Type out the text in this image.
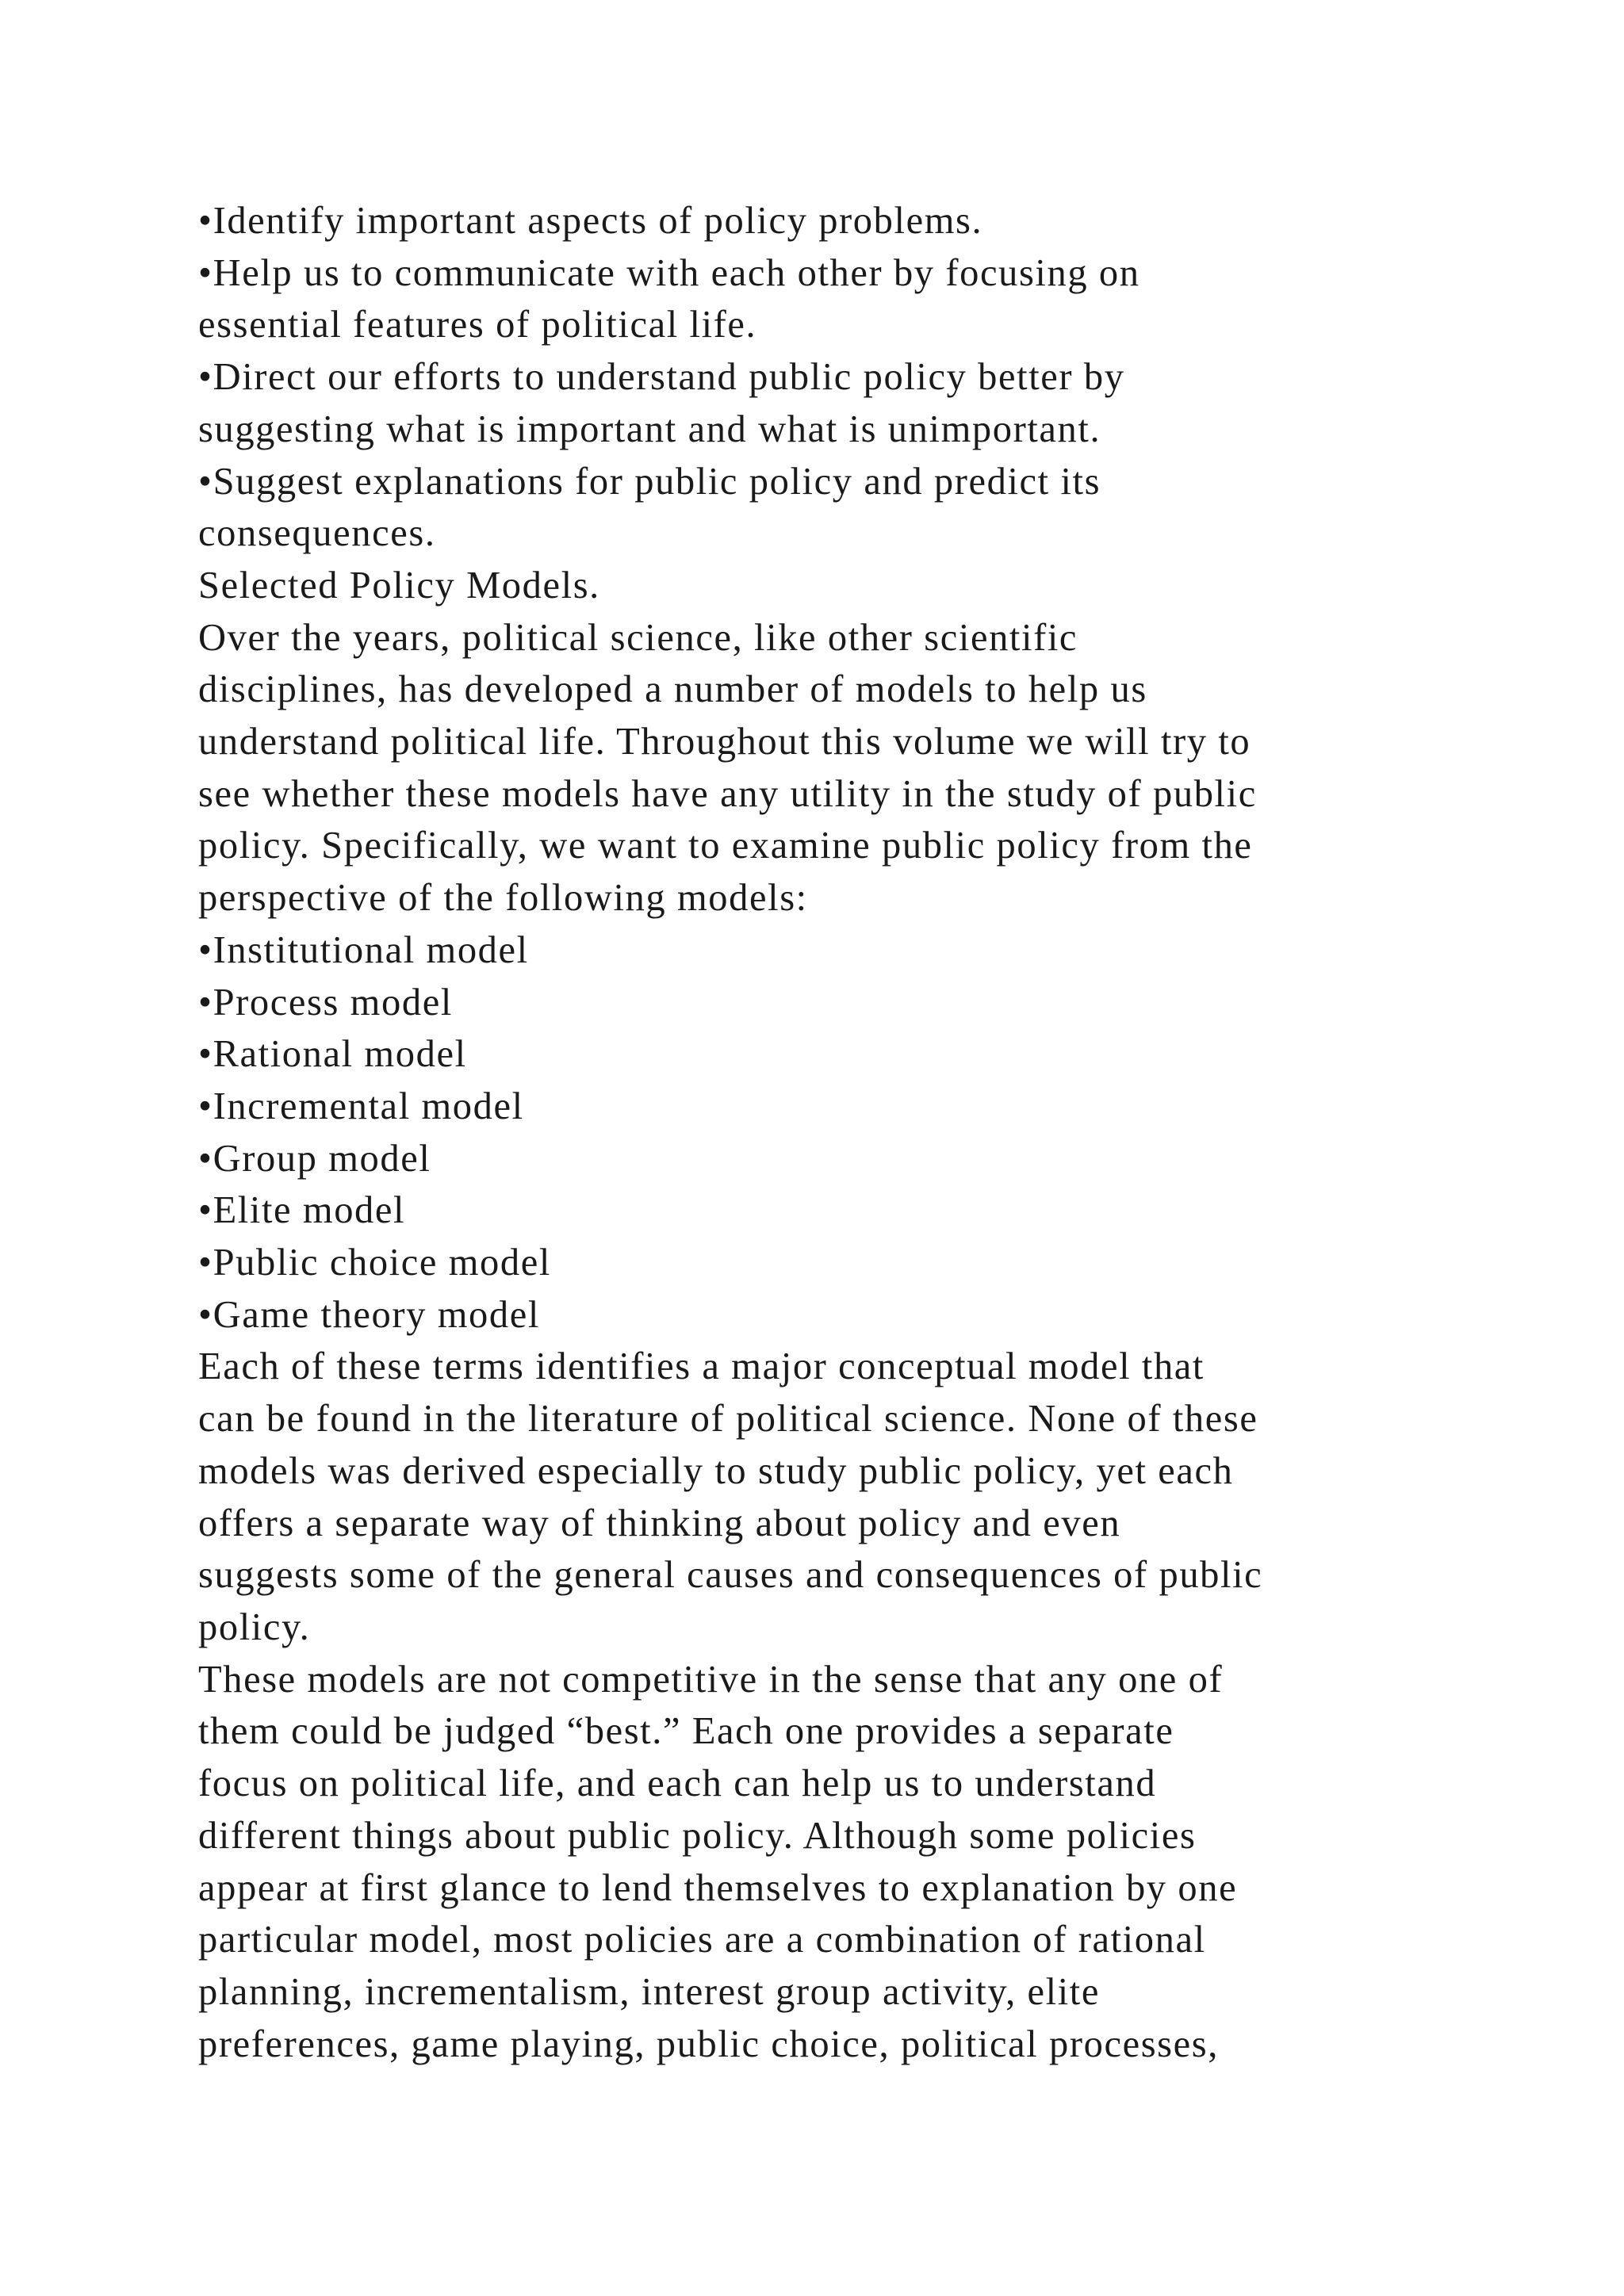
•Identify important aspects of policy problems.
•Help us to communicate with each other by focusing on
essential features of political life.
•Direct our efforts to understand public policy better by
suggesting what is important and what is unimportant.
•Suggest explanations for public policy and predict its
consequences.
Selected Policy Models.
Over the years, political science, like other scientific
disciplines, has developed a number of models to help us
understand political life. Throughout this volume we will try to
see whether these models have any utility in the study of public
policy. Specifically, we want to examine public policy from the
perspective of the following models:
•Institutional model
•Process model
•Rational model
•Incremental model
•Group model
•Elite model
•Public choice model
•Game theory model
Each of these terms identifies a major conceptual model that
can be found in the literature of political science. None of these
models was derived especially to study public policy, yet each
offers a separate way of thinking about policy and even
suggests some of the general causes and consequences of public
policy.
These models are not competitive in the sense that any one of
them could be judged “best.” Each one provides a separate
focus on political life, and each can help us to understand
different things about public policy. Although some policies
appear at first glance to lend themselves to explanation by one
particular model, most policies are a combination of rational
planning, incrementalism, interest group activity, elite
preferences, game playing, public choice, political processes,
